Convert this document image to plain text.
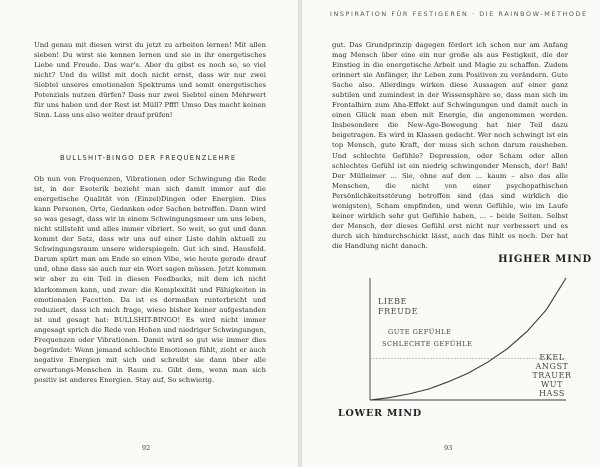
INSPIRATION FÜR FESTIGEREN · DIE RAINBOW-METHODE

Und genau mit diesen wirst du jetzt zu arbeiten lernen! Mit allen sieben! Du wirst sie kennen lernen und sie in ihr energetisches Liebe und Freude. Das war's. Aber du gibst es noch so, so viel nicht? Und du willst mit doch nicht ernst, dass wir nur zwei Siebtel unseres emotionalen Spektrums und somit energetisches Potenzials nutzen dürfen? Dass nur zwei Siebtel einen Mehrwert für uns haben und der Rest ist Müll? Pfff! Umso Das macht keinen Sinn. Lass uns also weiter drauf prüfen!

BULLSHIT-BINGO DER FREQUENZLEHRE

Ob nun von Frequenzen, Vibrationen oder Schwingung die Rede ist, in der Esoterik bezieht man sich damit immer auf die energetische Qualität von (Einzel)Dingen oder Energien. Dies kann Personen, Orte, Gedanken oder Sachen betreffen. Dann wird so was gesagt, dass wir in einem Schwingungsmeer um uns leben, nicht stillsteht und alles immer vibriert. So weit, so gut und dann kommt der Satz, dass wir uns auf einer Liste dahin aktuell zu Schwingungsraum unsere widerspiegeln. Gut ich sind. Hausfeld. Darum spürt man am Ende so einen Vibe, wie heute gerade drauf und, ohne dass sie auch nur ein Wort sagen müssen. Jetzt kommen wir aber zu ein Teil in diesen Feedbacks, mit dem ich nicht klarkommen kann, und zwar: die Komplexität und Fähigkeiten in emotionalen Facetten. Da ist es dermaßen runterbricht und reduziert, dass ich mich frage, wieso bisher keiner aufgestanden ist und gesagt hat: BULLSHIT-BINGO! Es wird nicht immer angesagt sprich die Rede von Hohen und niedriger Schwingungen, Frequenzen oder Vibrationen. Damit wird so gut wie immer dies begründet: Wenn jemand schlechte Emotionen fühlt, zieht er auch negative Energien mit sich und schreibt sie dann über alle erwartungs-Menschen in Raum zu. Gibt dem, wenn man sich positiv ist anderes Energien. Stay auf, So schwierig.

gut. Das Grundprinzip dagegen fördert ich schon nur am Anfang mag Mensch über eine ein nur große als aus Festigkeit, die der Einstieg in die energetische Arbeit und Magie zu schaffen. Zudem erinnert sie Anfänger, ihr Leben zum Positiven zu verändern. Gute Sache also. Allerdings wirken diese Aussagen auf einer ganz subtilen und zumindest in der Wissensphäre so, dass man sich im Frontalhirn zum Aha-Effekt auf Schwingungen und damit auch in einen Glück man eben mit Energie, die angenommen werden. Insbesondere die New-Age-Bewegung hat hier Teil dazu beigetragen. Es wird in Klassen gedacht. Wer noch schwingt ist ein top Mensch, gute Kraft, der muss sich schon darum rausheben. Und schlechte Gefühle? Depression, oder Scham oder allen schlechtes Gefühl ist ein niedrig schwingender Mensch, der! Bah! Der Mülleimer ... Sie, ohne auf den ... kaum – also das alle Menschen, die nicht von einer psychopathischen Persönlichkeitsstörung betroffen sind (das sind wirklich die wenigsten), Scham empfinden, und wenn Gefühle, wie im Laufe keiner wirklich sehr gut Gefühle haben, ... – beide Seiten. Selbst der Mensch, der dieses Gefühl erst nicht nur verbessert und es durch sich hindurchschickt lässt, auch das fühlt es noch. Der hat die Handlung nicht danach.

HIGHER MIND
LOWER MIND
LIEBE
FREUDE
GUTE GEFÜHLE
SCHLECHTE GEFÜHLE
EKEL
ANGST
TRAUER
WUT
HASS
92	93
